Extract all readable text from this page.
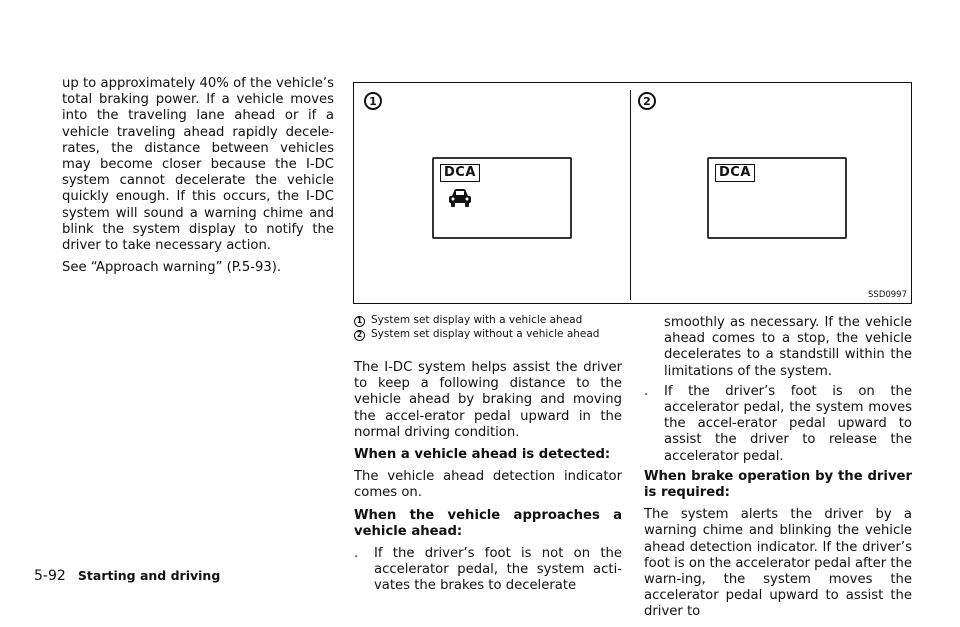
up to approximately 40% of the vehicle’s total braking power. If a vehicle moves into the traveling lane ahead or if a vehicle traveling ahead rapidly decele-rates, the distance between vehicles may become closer because the I-DC system cannot decelerate the vehicle quickly enough. If this occurs, the I-DC system will sound a warning chime and blink the system display to notify the driver to take necessary action.

See “Approach warning” (P.5-93).

1	2
DCA	DCA
SSD0997
1 System set display with a vehicle ahead
2 System set display without a vehicle ahead

The I-DC system helps assist the driver to keep a following distance to the vehicle ahead by braking and moving the accel-erator pedal upward in the normal driving condition.

When a vehicle ahead is detected:

The vehicle ahead detection indicator comes on.

When the vehicle approaches a vehicle ahead:

.	If the driver’s foot is not on the accelerator pedal, the system acti-vates the brakes to decelerate
smoothly as necessary. If the vehicle ahead comes to a stop, the vehicle decelerates to a standstill within the limitations of the system.
.	If the driver’s foot is on the accelerator pedal, the system moves the accel-erator pedal upward to assist the driver to release the accelerator pedal.

When brake operation by the driver is required:

The system alerts the driver by a warning chime and blinking the vehicle ahead detection indicator. If the driver’s foot is on the accelerator pedal after the warn-ing, the system moves the accelerator pedal upward to assist the driver to

5-92 Starting and driving
